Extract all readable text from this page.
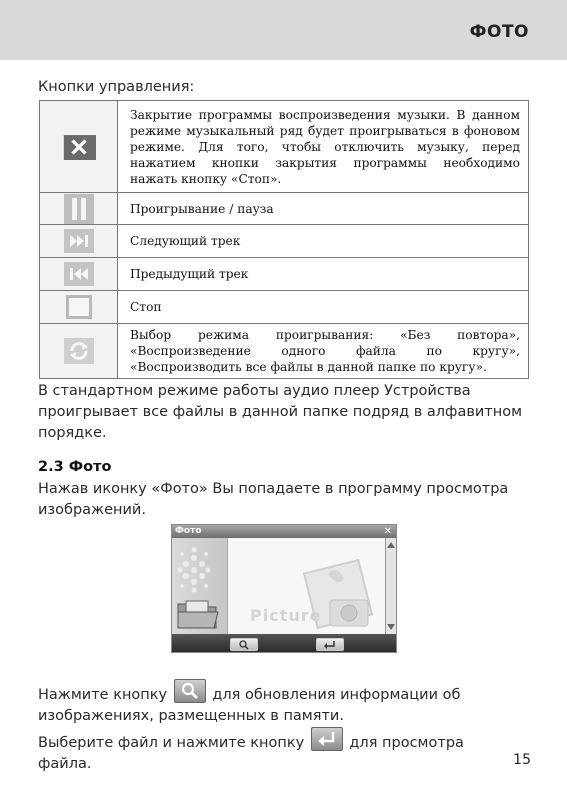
ФОТО

Кнопки управления:

	Закрытие программы воспроизведения музыки. В данном режиме музыкальный ряд будет проигрываться в фоновом режиме. Для того, чтобы отключить музыку, перед нажатием кнопки закрытия программы необходимо нажать кнопку «Стоп».
	Проигрывание / пауза
	Следующий трек
	Предыдущий трек
	Стоп
	Выбор режима проигрывания: «Без повтора», «Воспроизведение одного файла по кругу», «Воспроизводить все файлы в данной папке по кругу».

В стандартном режиме работы аудио плеер Устройства проигрывает все файлы в данной папке подряд в алфавитном порядке.

2.3 Фото

Нажав иконку «Фото» Вы попадаете в программу просмотра изображений.

Фото	✕
Picture

Нажмите кнопку	для обновления информации об изображениях, размещенных в памяти.

Выберите файл и нажмите кнопку	для просмотра файла.	15
